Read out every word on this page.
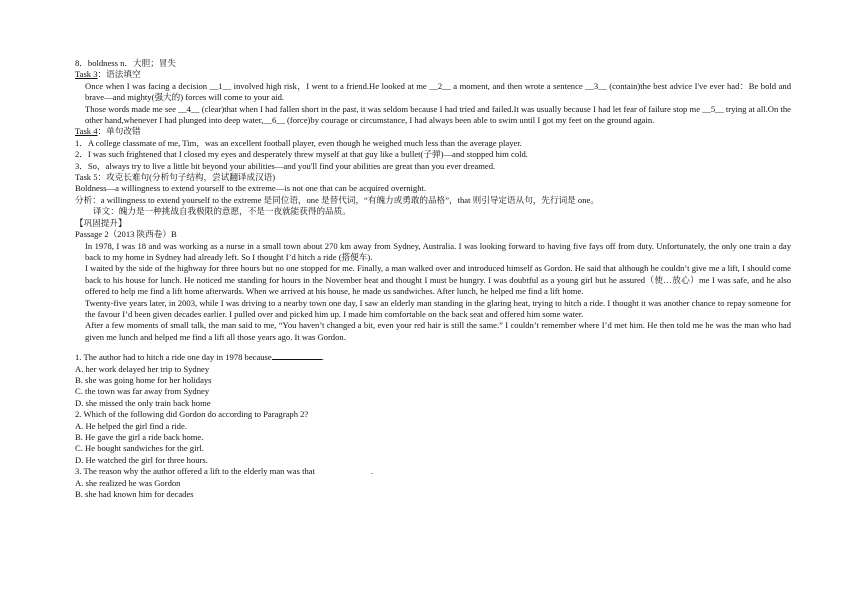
8．boldness n．大胆；冒失
Task 3：语法填空

Once when I was facing a decision __1__ involved high risk，I went to a friend.He looked at me __2__ a moment, and then wrote a sentence __3__ (contain)the best advice I've ever had：Be bold and brave—and mighty(强大的) forces will come to your aid.

Those words made me see __4__ (clear)that when I had fallen short in the past, it was seldom because I had tried and failed.It was usually because I had let fear of failure stop me __5__ trying at all.On the other hand,whenever I had plunged into deep water,__6__ (force)by courage or circumstance, I had always been able to swim until I got my feet on the ground again.

Task 4：单句改错
1．A college classmate of me, Tim，was an excellent football player, even though he weighed much less than the average player.
2．I was such frightened that I closed my eyes and desperately threw myself at that guy like a bullet(子弹)—and stopped him cold.
3．So，always try to live a little bit beyond your abilities—and you'll find your abilities are great than you ever dreamed.
Task 5：攻克长难句(分析句子结构，尝试翻译成汉语)
Boldness—a willingness to extend yourself to the extreme—is not one that can be acquired overnight.
分析：a willingness to extend yourself to the extreme 是同位语，one 是替代词，“有魄力或勇敢的品格”，that 则引导定语从句，先行词是 one。
译文：魄力是一种挑战自我极限的意愿，不是一夜就能获得的品质。
【巩固提升】
Passage 2（2013 陕西卷）B

In 1978, I was 18 and was working as a nurse in a small town about 270 km away from Sydney, Australia. I was looking forward to having five fays off from duty. Unfortunately, the only one train a day back to my home in Sydney had already left. So I thought I’d hitch a ride (搭便车).

I waited by the side of the highway for three hours but no one stopped for me. Finally, a man walked over and introduced himself as Gordon. He said that although he couldn’t give me a lift, I should come back to his house for lunch. He noticed me standing for hours in the November heat and thought I must be hungry. I was doubtful as a young girl but he assured（使…放心）me I was safe, and he also offered to help me find a lift home afterwards. When we arrived at his house, he made us sandwiches. After lunch, he helped me find a lift home.

Twenty-five years later, in 2003, while I was driving to a nearby town one day, I saw an elderly man standing in the glaring heat, trying to hitch a ride. I thought it was another chance to repay someone for the favour I’d been given decades earlier. I pulled over and picked him up. I made him comfortable on the back seat and offered him some water.

After a few moments of small talk, the man said to me, “You haven’t changed a bit, even your red hair is still the same.” I couldn’t remember where I’d met him. He then told me he was the man who had given me lunch and helped me find a lift all those years ago. It was Gordon.

1. The author had to hitch a ride one day in 1978 because	.
A. her work delayed her trip to Sydney
B. she was going home for her holidays
C. the town was far away from Sydney
D. she missed the only train back home
2. Which of the following did Gordon do according to Paragraph 2?
A. He helped the girl find a ride.
B. He gave the girl a ride back home.
C. He bought sandwiches for the girl.
D. He watched the girl for three hours.
3. The reason why the author offered a lift to the elderly man was that	.
A. she realized he was Gordon
B. she had known him for decades
